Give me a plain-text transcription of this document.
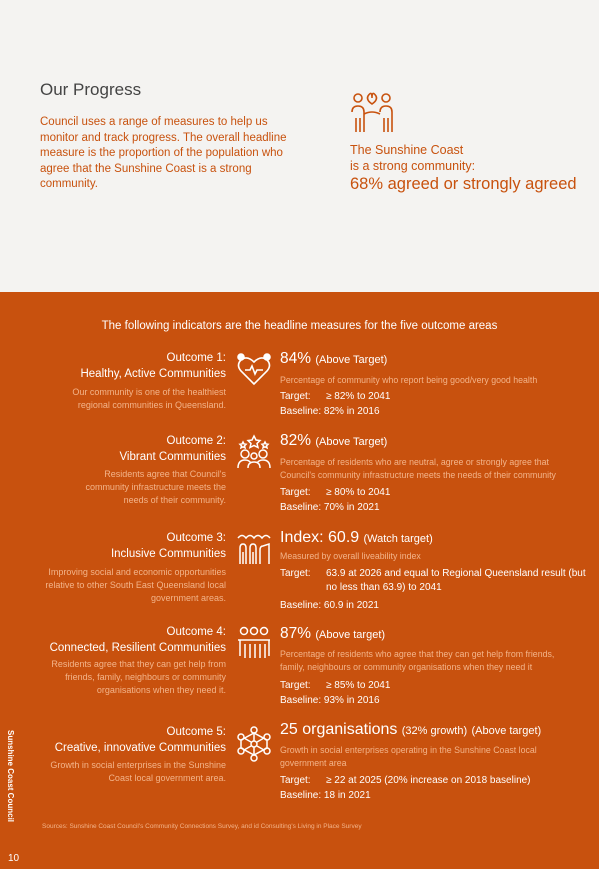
Our Progress
Council uses a range of measures to help us monitor and track progress. The overall headline measure is the proportion of the population who agree that the Sunshine Coast is a strong community.
The Sunshine Coast
is a strong community:
68% agreed or strongly agreed
The following indicators are the headline measures for the five outcome areas
Outcome 1:
Healthy, Active Communities
Our community is one of the healthiest regional communities in Queensland.
84% (Above Target)
Percentage of community who report being good/very good health
Target: ≥ 82% to 2041
Baseline: 82% in 2016
Outcome 2:
Vibrant Communities
Residents agree that Council's community infrastructure meets the needs of their community.
82% (Above Target)
Percentage of residents who are neutral, agree or strongly agree that Council's community infrastructure meets the needs of their community
Target: ≥ 80% to 2041
Baseline: 70% in 2021
Outcome 3:
Inclusive Communities
Improving social and economic opportunities relative to other South East Queensland local government areas.
Index: 60.9 (Watch target)
Measured by overall liveability index
Target:	63.9 at 2026 and equal to Regional Queensland result (but no less than 63.9) to 2041
Baseline: 60.9 in 2021
Outcome 4:
Connected, Resilient Communities
Residents agree that they can get help from friends, family, neighbours or community organisations when they need it.
87% (Above target)
Percentage of residents who agree that they can get help from friends, family, neighbours or community organisations when they need it
Target: ≥ 85% to 2041
Baseline: 93% in 2016
Outcome 5:
Creative, innovative Communities
Growth in social enterprises in the Sunshine Coast local government area.
25 organisations (32% growth) (Above target)
Growth in social enterprises operating in the Sunshine Coast local government area
Target: ≥ 22 at 2025 (20% increase on 2018 baseline)
Baseline: 18 in 2021
Sources: Sunshine Coast Council's Community Connections Survey, and id Consulting's Living in Place Survey
Sunshine Coast Council
10
